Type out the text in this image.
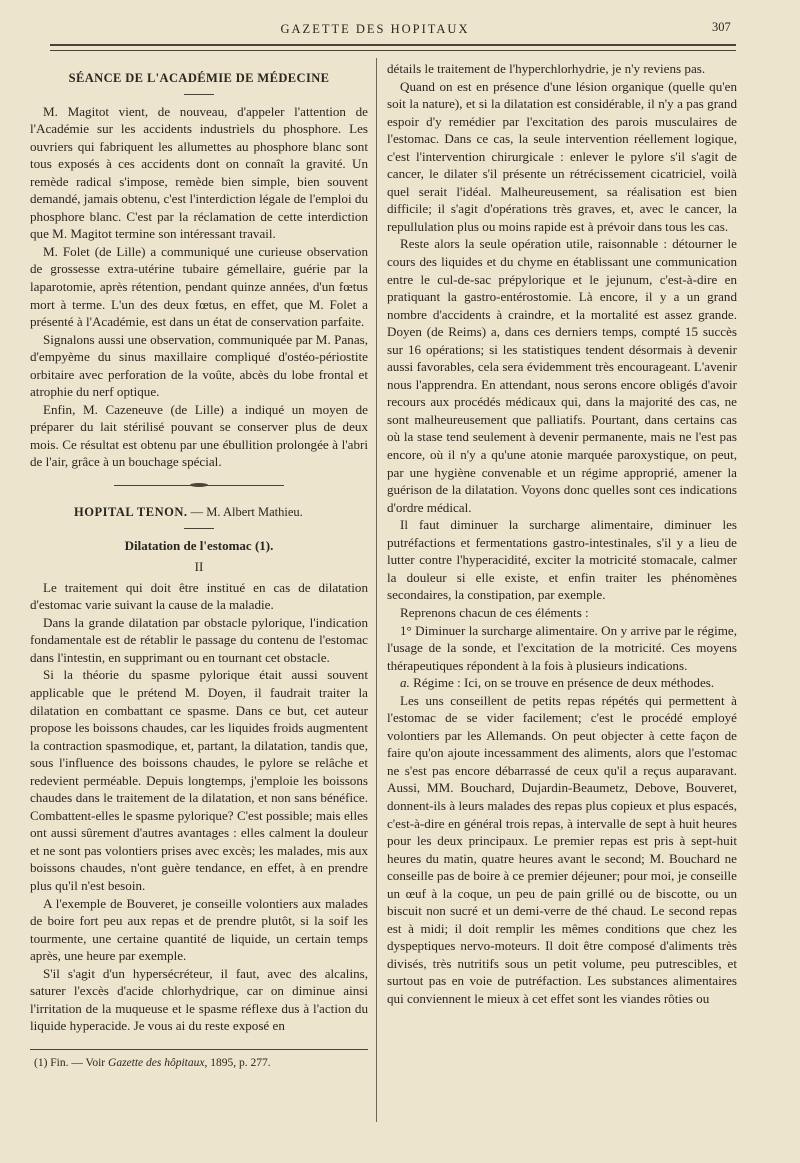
GAZETTE DES HOPITAUX	307
SÉANCE DE L'ACADÉMIE DE MÉDECINE

M. Magitot vient, de nouveau, d'appeler l'attention de l'Académie sur les accidents industriels du phosphore. Les ouvriers qui fabriquent les allumettes au phosphore blanc sont tous exposés à ces accidents dont on connaît la gravité. Un remède radical s'impose, remède bien simple, bien souvent demandé, jamais obtenu, c'est l'interdiction légale de l'emploi du phosphore blanc. C'est par la réclamation de cette interdiction que M. Magitot termine son intéressant travail.

M. Folet (de Lille) a communiqué une curieuse observation de grossesse extra-utérine tubaire gémellaire, guérie par la laparotomie, après rétention, pendant quinze années, d'un fœtus mort à terme. L'un des deux fœtus, en effet, que M. Folet a présenté à l'Académie, est dans un état de conservation parfaite.

Signalons aussi une observation, communiquée par M. Panas, d'empyème du sinus maxillaire compliqué d'ostéo-périostite orbitaire avec perforation de la voûte, abcès du lobe frontal et atrophie du nerf optique.

Enfin, M. Cazeneuve (de Lille) a indiqué un moyen de préparer du lait stérilisé pouvant se conserver plus de deux mois. Ce résultat est obtenu par une ébullition prolongée à l'abri de l'air, grâce à un bouchage spécial.

HOPITAL TENON. — M. Albert Mathieu.
Dilatation de l'estomac (1).
II

Le traitement qui doit être institué en cas de dilatation d'estomac varie suivant la cause de la maladie.

Dans la grande dilatation par obstacle pylorique, l'indication fondamentale est de rétablir le passage du contenu de l'estomac dans l'intestin, en supprimant ou en tournant cet obstacle.

Si la théorie du spasme pylorique était aussi souvent applicable que le prétend M. Doyen, il faudrait traiter la dilatation en combattant ce spasme. Dans ce but, cet auteur propose les boissons chaudes, car les liquides froids augmentent la contraction spasmodique, et, partant, la dilatation, tandis que, sous l'influence des boissons chaudes, le pylore se relâche et redevient perméable. Depuis longtemps, j'emploie les boissons chaudes dans le traitement de la dilatation, et non sans bénéfice. Combattent-elles le spasme pylorique? C'est possible; mais elles ont aussi sûrement d'autres avantages : elles calment la douleur et ne sont pas volontiers prises avec excès; les malades, mis aux boissons chaudes, n'ont guère tendance, en effet, à en prendre plus qu'il n'est besoin.

A l'exemple de Bouveret, je conseille volontiers aux malades de boire fort peu aux repas et de prendre plutôt, si la soif les tourmente, une certaine quantité de liquide, un certain temps après, une heure par exemple.

S'il s'agit d'un hypersécréteur, il faut, avec des alcalins, saturer l'excès d'acide chlorhydrique, car on diminue ainsi l'irritation de la muqueuse et le spasme réflexe dus à l'action du liquide hyperacide. Je vous ai du reste exposé en

(1) Fin. — Voir Gazette des hôpitaux, 1895, p. 277.

détails le traitement de l'hyperchlorhydrie, je n'y reviens pas.

Quand on est en présence d'une lésion organique (quelle qu'en soit la nature), et si la dilatation est considérable, il n'y a pas grand espoir d'y remédier par l'excitation des parois musculaires de l'estomac. Dans ce cas, la seule intervention réellement logique, c'est l'intervention chirurgicale : enlever le pylore s'il s'agit de cancer, le dilater s'il présente un rétrécissement cicatriciel, voilà quel serait l'idéal. Malheureusement, sa réalisation est bien difficile; il s'agit d'opérations très graves, et, avec le cancer, la repullulation plus ou moins rapide est à prévoir dans tous les cas.

Reste alors la seule opération utile, raisonnable : détourner le cours des liquides et du chyme en établissant une communication entre le cul-de-sac prépylorique et le jejunum, c'est-à-dire en pratiquant la gastro-entérostomie. Là encore, il y a un grand nombre d'accidents à craindre, et la mortalité est assez grande. Doyen (de Reims) a, dans ces derniers temps, compté 15 succès sur 16 opérations; si les statistiques tendent désormais à devenir aussi favorables, cela sera évidemment très encourageant. L'avenir nous l'apprendra. En attendant, nous serons encore obligés d'avoir recours aux procédés médicaux qui, dans la majorité des cas, ne sont malheureusement que palliatifs. Pourtant, dans certains cas où la stase tend seulement à devenir permanente, mais ne l'est pas encore, où il n'y a qu'une atonie marquée paroxystique, on peut, par une hygiène convenable et un régime approprié, amener la guérison de la dilatation. Voyons donc quelles sont ces indications d'ordre médical.

Il faut diminuer la surcharge alimentaire, diminuer les putréfactions et fermentations gastro-intestinales, s'il y a lieu de lutter contre l'hyperacidité, exciter la motricité stomacale, calmer la douleur si elle existe, et enfin traiter les phénomènes secondaires, la constipation, par exemple.

Reprenons chacun de ces éléments :

1° Diminuer la surcharge alimentaire. On y arrive par le régime, l'usage de la sonde, et l'excitation de la motricité. Ces moyens thérapeutiques répondent à la fois à plusieurs indications.

a. Régime : Ici, on se trouve en présence de deux méthodes.

Les uns conseillent de petits repas répétés qui permettent à l'estomac de se vider facilement; c'est le procédé employé volontiers par les Allemands. On peut objecter à cette façon de faire qu'on ajoute incessamment des aliments, alors que l'estomac ne s'est pas encore débarrassé de ceux qu'il a reçus auparavant. Aussi, MM. Bouchard, Dujardin-Beaumetz, Debove, Bouveret, donnent-ils à leurs malades des repas plus copieux et plus espacés, c'est-à-dire en général trois repas, à intervalle de sept à huit heures pour les deux principaux. Le premier repas est pris à sept-huit heures du matin, quatre heures avant le second; M. Bouchard ne conseille pas de boire à ce premier déjeuner; pour moi, je conseille un œuf à la coque, un peu de pain grillé ou de biscotte, ou un biscuit non sucré et un demi-verre de thé chaud. Le second repas est à midi; il doit remplir les mêmes conditions que chez les dyspeptiques nervo-moteurs. Il doit être composé d'aliments très divisés, très nutritifs sous un petit volume, peu putrescibles, et surtout pas en voie de putréfaction. Les substances alimentaires qui conviennent le mieux à cet effet sont les viandes rôties ou
